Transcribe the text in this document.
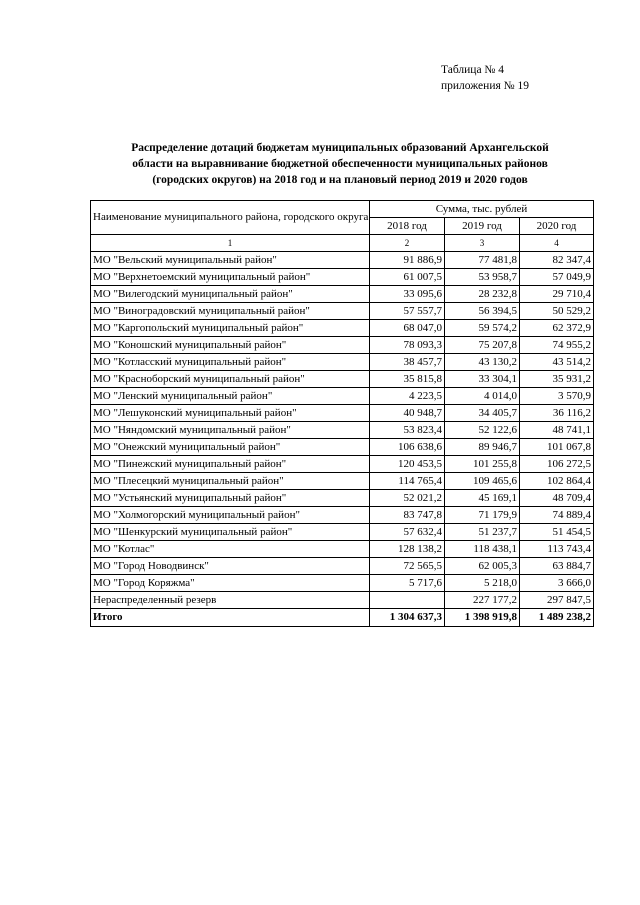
Таблица № 4
приложения № 19
Распределение дотаций бюджетам муниципальных образований Архангельской
области на выравнивание бюджетной обеспеченности муниципальных районов
(городских округов) на 2018 год и на плановый период 2019 и 2020 годов
Наименование муниципального района, городского округа	Сумма, тыс. рублей		
	2018 год	2019 год	2020 год
1	2	3	4
МО "Вельский муниципальный район"	91 886,9	77 481,8	82 347,4
МО "Верхнетоемский муниципальный район"	61 007,5	53 958,7	57 049,9
МО "Вилегодский муниципальный район"	33 095,6	28 232,8	29 710,4
МО "Виноградовский муниципальный район"	57 557,7	56 394,5	50 529,2
МО "Каргопольский муниципальный район"	68 047,0	59 574,2	62 372,9
МО "Коношский муниципальный район"	78 093,3	75 207,8	74 955,2
МО "Котласский муниципальный район"	38 457,7	43 130,2	43 514,2
МО "Красноборский муниципальный район"	35 815,8	33 304,1	35 931,2
МО "Ленский муниципальный район"	4 223,5	4 014,0	3 570,9
МО "Лешуконский муниципальный район"	40 948,7	34 405,7	36 116,2
МО "Няндомский муниципальный район"	53 823,4	52 122,6	48 741,1
МО "Онежский муниципальный район"	106 638,6	89 946,7	101 067,8
МО "Пинежский муниципальный район"	120 453,5	101 255,8	106 272,5
МО "Плесецкий муниципальный район"	114 765,4	109 465,6	102 864,4
МО "Устьянский муниципальный район"	52 021,2	45 169,1	48 709,4
МО "Холмогорский муниципальный район"	83 747,8	71 179,9	74 889,4
МО "Шенкурский муниципальный район"	57 632,4	51 237,7	51 454,5
МО "Котлас"	128 138,2	118 438,1	113 743,4
МО "Город Новодвинск"	72 565,5	62 005,3	63 884,7
МО "Город Коряжма"	5 717,6	5 218,0	3 666,0
Нераспределенный резерв		227 177,2	297 847,5
Итого	1 304 637,3	1 398 919,8	1 489 238,2
